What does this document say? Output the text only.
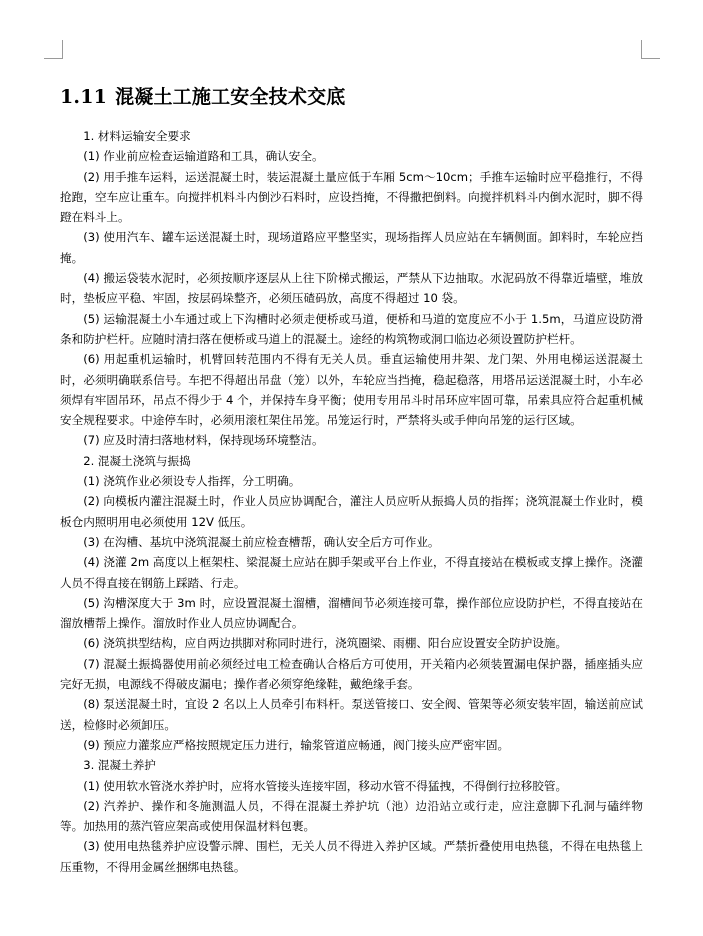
1.11 混凝土工施工安全技术交底

1. 材料运输安全要求

(1) 作业前应检查运输道路和工具，确认安全。

(2) 用手推车运料，运送混凝土时，装运混凝土量应低于车厢 5cm～10cm；手推车运输时应平稳推行，不得抢跑，空车应让重车。向搅拌机料斗内倒沙石料时，应设挡掩，不得撒把倒料。向搅拌机料斗内倒水泥时，脚不得蹬在料斗上。

(3) 使用汽车、罐车运送混凝土时，现场道路应平整坚实，现场指挥人员应站在车辆侧面。卸料时，车轮应挡掩。

(4) 搬运袋装水泥时，必须按顺序逐层从上往下阶梯式搬运，严禁从下边抽取。水泥码放不得靠近墙壁，堆放时，垫板应平稳、牢固，按层码垛整齐，必须压碴码放，高度不得超过 10 袋。

(5) 运输混凝土小车通过或上下沟槽时必须走便桥或马道，便桥和马道的宽度应不小于 1.5m，马道应设防滑条和防护栏杆。应随时清扫落在便桥或马道上的混凝土。途经的构筑物或洞口临边必须设置防护栏杆。

(6) 用起重机运输时，机臂回转范围内不得有无关人员。垂直运输使用井架、龙门架、外用电梯运送混凝土时，必须明确联系信号。车把不得超出吊盘（笼）以外，车轮应当挡掩，稳起稳落，用塔吊运送混凝土时，小车必须焊有牢固吊环，吊点不得少于 4 个，并保持车身平衡；使用专用吊斗时吊环应牢固可靠，吊索具应符合起重机械安全规程要求。中途停车时，必须用滚杠架住吊笼。吊笼运行时，严禁将头或手伸向吊笼的运行区域。

(7) 应及时清扫落地材料，保持现场环境整洁。

2. 混凝土浇筑与振捣

(1) 浇筑作业必须设专人指挥，分工明确。

(2) 向模板内灌注混凝土时，作业人员应协调配合，灌注人员应听从振捣人员的指挥；浇筑混凝土作业时，模板仓内照明用电必须使用 12V 低压。

(3) 在沟槽、基坑中浇筑混凝土前应检查槽帮，确认安全后方可作业。

(4) 浇灌 2m 高度以上框架柱、梁混凝土应站在脚手架或平台上作业，不得直接站在模板或支撑上操作。浇灌人员不得直接在钢筋上踩踏、行走。

(5) 沟槽深度大于 3m 时，应设置混凝土溜槽，溜槽间节必须连接可靠，操作部位应设防护栏，不得直接站在溜放槽帮上操作。溜放时作业人员应协调配合。

(6) 浇筑拱型结构，应自两边拱脚对称同时进行，浇筑圈梁、雨棚、阳台应设置安全防护设施。

(7) 混凝土振捣器使用前必须经过电工检查确认合格后方可使用，开关箱内必须装置漏电保护器，插座插头应完好无损，电源线不得破皮漏电；操作者必须穿绝缘鞋，戴绝缘手套。

(8) 泵送混凝土时，宜设 2 名以上人员牵引布料杆。泵送管接口、安全阀、管架等必须安装牢固，输送前应试送，检修时必须卸压。

(9) 预应力灌浆应严格按照规定压力进行，输浆管道应畅通，阀门接头应严密牢固。

3. 混凝土养护

(1) 使用软水管浇水养护时，应将水管接头连接牢固，移动水管不得猛拽，不得倒行拉移胶管。

(2) 汽养护、操作和冬施测温人员，不得在混凝土养护坑（池）边沿站立或行走，应注意脚下孔洞与磕绊物等。加热用的蒸汽管应架高或使用保温材料包裹。

(3) 使用电热毯养护应设警示牌、围栏，无关人员不得进入养护区域。严禁折叠使用电热毯，不得在电热毯上压重物，不得用金属丝捆绑电热毯。
